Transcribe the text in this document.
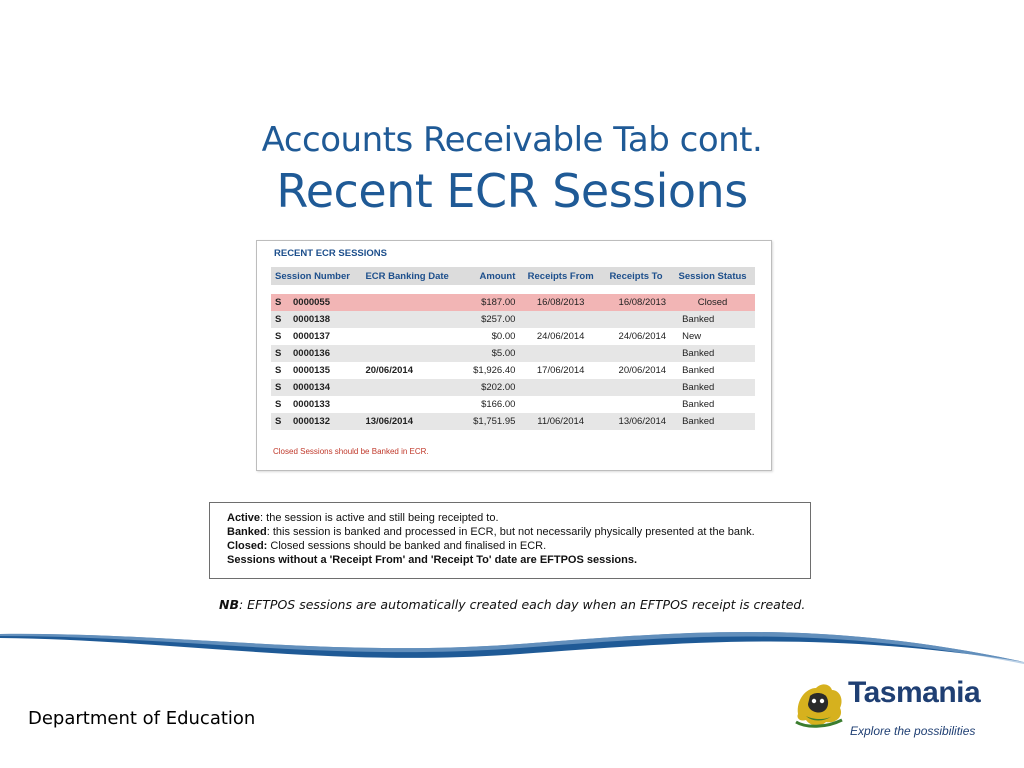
Accounts Receivable Tab cont.
Recent ECR Sessions
RECENT ECR SESSIONS
Session Number		ECR Banking Date	Amount	Receipts From	Receipts To	Session Status

S	0000055		$187.00	16/08/2013	16/08/2013	Closed
S	0000138		$257.00			Banked
S	0000137		$0.00	24/06/2014	24/06/2014	New
S	0000136		$5.00			Banked
S	0000135	20/06/2014	$1,926.40	17/06/2014	20/06/2014	Banked
S	0000134		$202.00			Banked
S	0000133		$166.00			Banked
S	0000132	13/06/2014	$1,751.95	11/06/2014	13/06/2014	Banked
Closed Sessions should be Banked in ECR.
Active: the session is active and still being receipted to.
Banked: this session is banked and processed in ECR, but not necessarily physically presented at the bank.
Closed: Closed sessions should be banked and finalised in ECR.
Sessions without a 'Receipt From' and 'Receipt To' date are EFTPOS sessions.
NB: EFTPOS sessions are automatically created each day when an EFTPOS receipt is created.
Department of Education
Tasmania
Explore the possibilities
